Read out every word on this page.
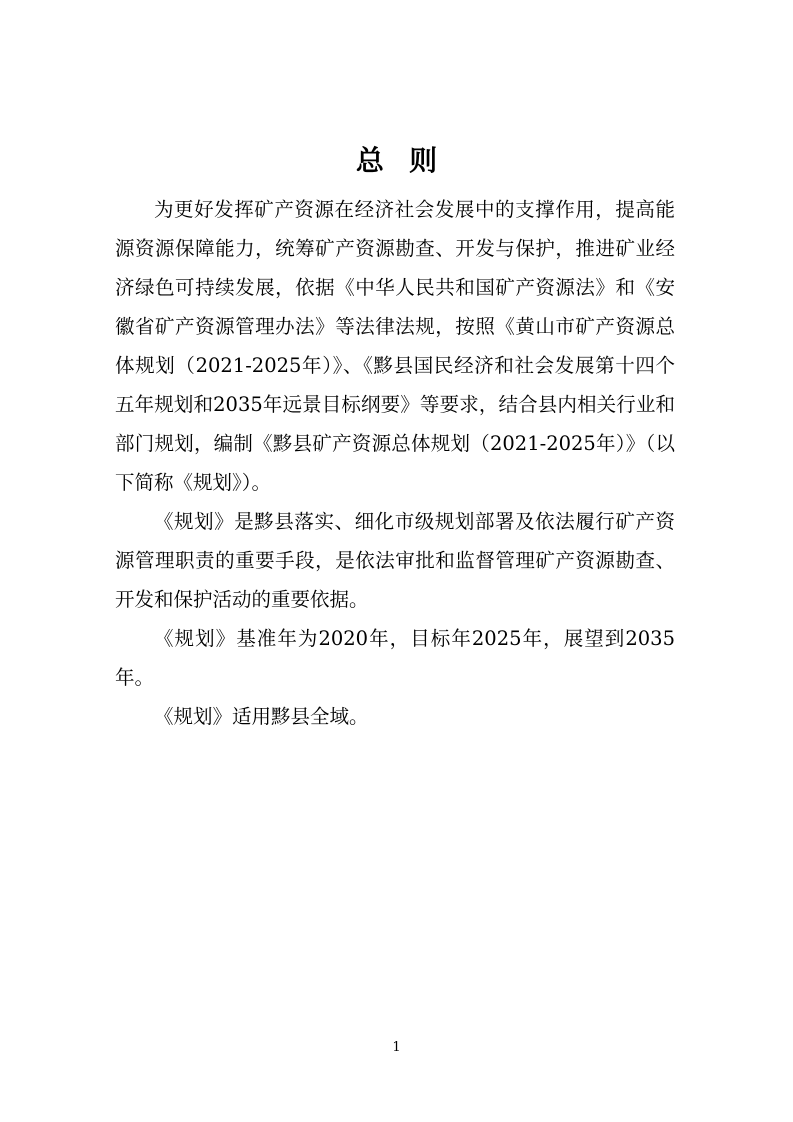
总则

为更好发挥矿产资源在经济社会发展中的支撑作用，提高能源资源保障能力，统筹矿产资源勘查、开发与保护，推进矿业经济绿色可持续发展，依据《中华人民共和国矿产资源法》和《安徽省矿产资源管理办法》等法律法规，按照《黄山市矿产资源总体规划（2021-2025年）》、《黟县国民经济和社会发展第十四个五年规划和2035年远景目标纲要》等要求，结合县内相关行业和部门规划，编制《黟县矿产资源总体规划（2021-2025年）》（以下简称《规划》）。

《规划》是黟县落实、细化市级规划部署及依法履行矿产资源管理职责的重要手段，是依法审批和监督管理矿产资源勘查、开发和保护活动的重要依据。

《规划》基准年为2020年，目标年2025年，展望到2035年。

《规划》适用黟县全域。

1
